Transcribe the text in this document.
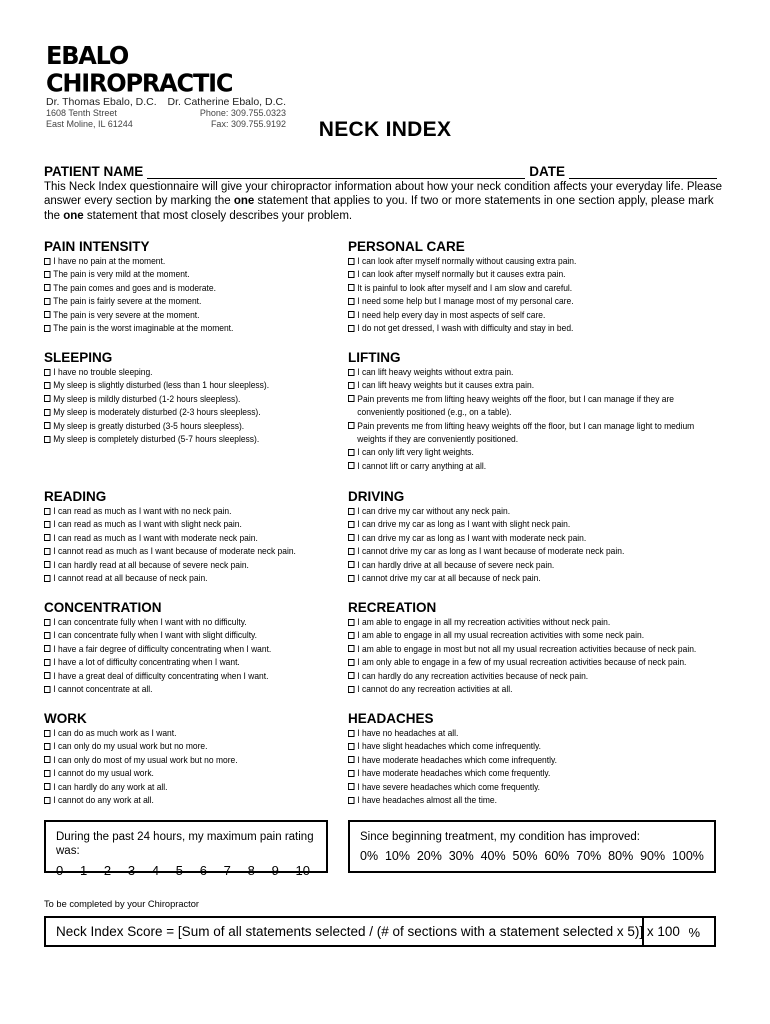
EBALO CHIROPRACTIC
Dr. Thomas Ebalo, D.C. Dr. Catherine Ebalo, D.C.
1608 Tenth Street
East Moline, IL 61244
Phone: 309.755.0323
Fax: 309.755.9192	NECK INDEX
PATIENT NAME	DATE
This Neck Index questionnaire will give your chiropractor information about how your neck condition affects your everyday life. Please answer every section by marking the one statement that applies to you. If two or more statements in one section apply, please mark the one statement that most closely describes your problem.
PAIN INTENSITY
I have no pain at the moment.
The pain is very mild at the moment.
The pain comes and goes and is moderate.
The pain is fairly severe at the moment.
The pain is very severe at the moment.
The pain is the worst imaginable at the moment.
PERSONAL CARE
I can look after myself normally without causing extra pain.
I can look after myself normally but it causes extra pain.
It is painful to look after myself and I am slow and careful.
I need some help but I manage most of my personal care.
I need help every day in most aspects of self care.
I do not get dressed, I wash with difficulty and stay in bed.
SLEEPING
I have no trouble sleeping.
My sleep is slightly disturbed (less than 1 hour sleepless).
My sleep is mildly disturbed (1-2 hours sleepless).
My sleep is moderately disturbed (2-3 hours sleepless).
My sleep is greatly disturbed (3-5 hours sleepless).
My sleep is completely disturbed (5-7 hours sleepless).
LIFTING
I can lift heavy weights without extra pain.
I can lift heavy weights but it causes extra pain.
Pain prevents me from lifting heavy weights off the floor, but I can manage if they are
conveniently positioned (e.g., on a table).
Pain prevents me from lifting heavy weights off the floor, but I can manage light to medium
weights if they are conveniently positioned.
I can only lift very light weights.
I cannot lift or carry anything at all.
READING
I can read as much as I want with no neck pain.
I can read as much as I want with slight neck pain.
I can read as much as I want with moderate neck pain.
I cannot read as much as I want because of moderate neck pain.
I can hardly read at all because of severe neck pain.
I cannot read at all because of neck pain.
DRIVING
I can drive my car without any neck pain.
I can drive my car as long as I want with slight neck pain.
I can drive my car as long as I want with moderate neck pain.
I cannot drive my car as long as I want because of moderate neck pain.
I can hardly drive at all because of severe neck pain.
I cannot drive my car at all because of neck pain.
CONCENTRATION
I can concentrate fully when I want with no difficulty.
I can concentrate fully when I want with slight difficulty.
I have a fair degree of difficulty concentrating when I want.
I have a lot of difficulty concentrating when I want.
I have a great deal of difficulty concentrating when I want.
I cannot concentrate at all.
RECREATION
I am able to engage in all my recreation activities without neck pain.
I am able to engage in all my usual recreation activities with some neck pain.
I am able to engage in most but not all my usual recreation activities because of neck pain.
I am only able to engage in a few of my usual recreation activities because of neck pain.
I can hardly do any recreation activities because of neck pain.
I cannot do any recreation activities at all.
WORK
I can do as much work as I want.
I can only do my usual work but no more.
I can only do most of my usual work but no more.
I cannot do my usual work.
I can hardly do any work at all.
I cannot do any work at all.
HEADACHES
I have no headaches at all.
I have slight headaches which come infrequently.
I have moderate headaches which come infrequently.
I have moderate headaches which come frequently.
I have severe headaches which come frequently.
I have headaches almost all the time.
During the past 24 hours, my maximum pain rating was:
0 1 2 3 4 5 6 7 8 9 10
Since beginning treatment, my condition has improved:
0% 10% 20% 30% 40% 50% 60% 70% 80% 90% 100%
To be completed by your Chiropractor
Neck Index Score = [Sum of all statements selected / (# of sections with a statement selected x 5)] x 100 %
